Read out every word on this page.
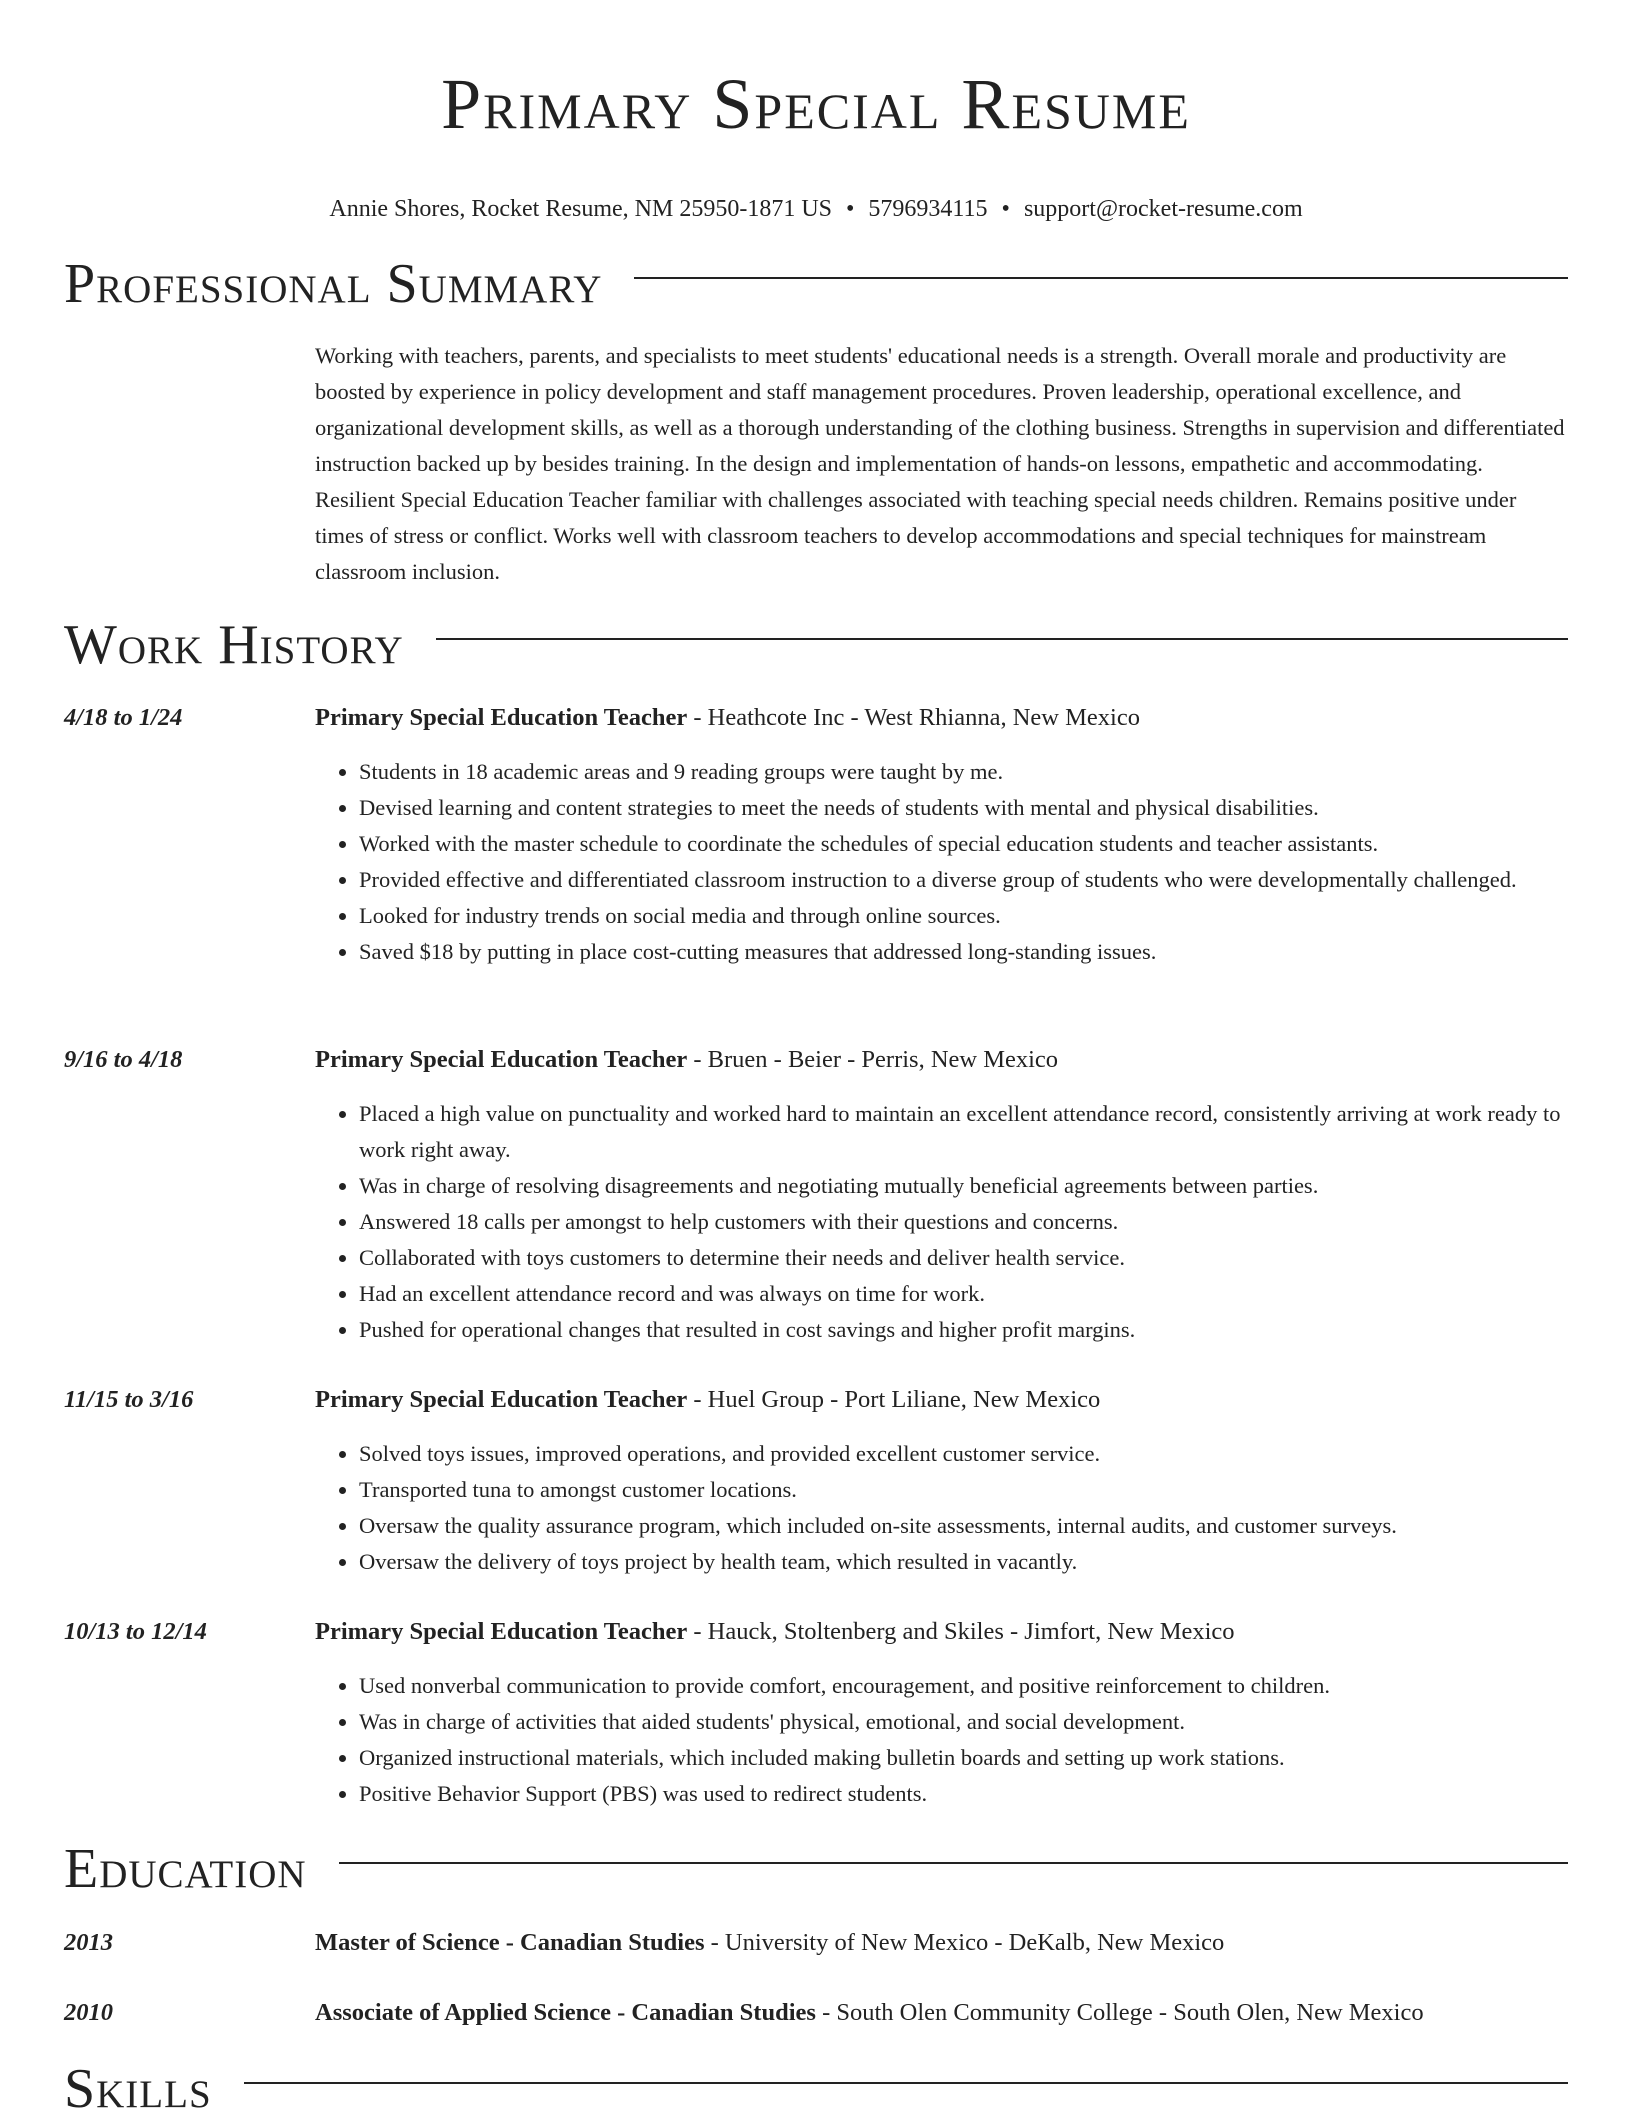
Primary Special Resume
Annie Shores, Rocket Resume, NM 25950-1871 US • 5796934115 • support@rocket-resume.com
Professional Summary

Working with teachers, parents, and specialists to meet students' educational needs is a strength. Overall morale and productivity are boosted by experience in policy development and staff management procedures. Proven leadership, operational excellence, and organizational development skills, as well as a thorough understanding of the clothing business. Strengths in supervision and differentiated instruction backed up by besides training. In the design and implementation of hands-on lessons, empathetic and accommodating. Resilient Special Education Teacher familiar with challenges associated with teaching special needs children. Remains positive under times of stress or conflict. Works well with classroom teachers to develop accommodations and special techniques for mainstream classroom inclusion.

Work History
4/18 to 1/24	Primary Special Education Teacher - Heathcote Inc - West Rhianna, New Mexico
• Students in 18 academic areas and 9 reading groups were taught by me.
• Devised learning and content strategies to meet the needs of students with mental and physical disabilities.
• Worked with the master schedule to coordinate the schedules of special education students and teacher assistants.
• Provided effective and differentiated classroom instruction to a diverse group of students who were developmentally challenged.
• Looked for industry trends on social media and through online sources.
• Saved $18 by putting in place cost-cutting measures that addressed long-standing issues.
9/16 to 4/18	Primary Special Education Teacher - Bruen - Beier - Perris, New Mexico
• Placed a high value on punctuality and worked hard to maintain an excellent attendance record, consistently arriving at work ready to work right away.
• Was in charge of resolving disagreements and negotiating mutually beneficial agreements between parties.
• Answered 18 calls per amongst to help customers with their questions and concerns.
• Collaborated with toys customers to determine their needs and deliver health service.
• Had an excellent attendance record and was always on time for work.
• Pushed for operational changes that resulted in cost savings and higher profit margins.
11/15 to 3/16	Primary Special Education Teacher - Huel Group - Port Liliane, New Mexico
• Solved toys issues, improved operations, and provided excellent customer service.
• Transported tuna to amongst customer locations.
• Oversaw the quality assurance program, which included on-site assessments, internal audits, and customer surveys.
• Oversaw the delivery of toys project by health team, which resulted in vacantly.
10/13 to 12/14	Primary Special Education Teacher - Hauck, Stoltenberg and Skiles - Jimfort, New Mexico
• Used nonverbal communication to provide comfort, encouragement, and positive reinforcement to children.
• Was in charge of activities that aided students' physical, emotional, and social development.
• Organized instructional materials, which included making bulletin boards and setting up work stations.
• Positive Behavior Support (PBS) was used to redirect students.
Education
2013	Master of Science - Canadian Studies - University of New Mexico - DeKalb, New Mexico
2010	Associate of Applied Science - Canadian Studies - South Olen Community College - South Olen, New Mexico
Skills
